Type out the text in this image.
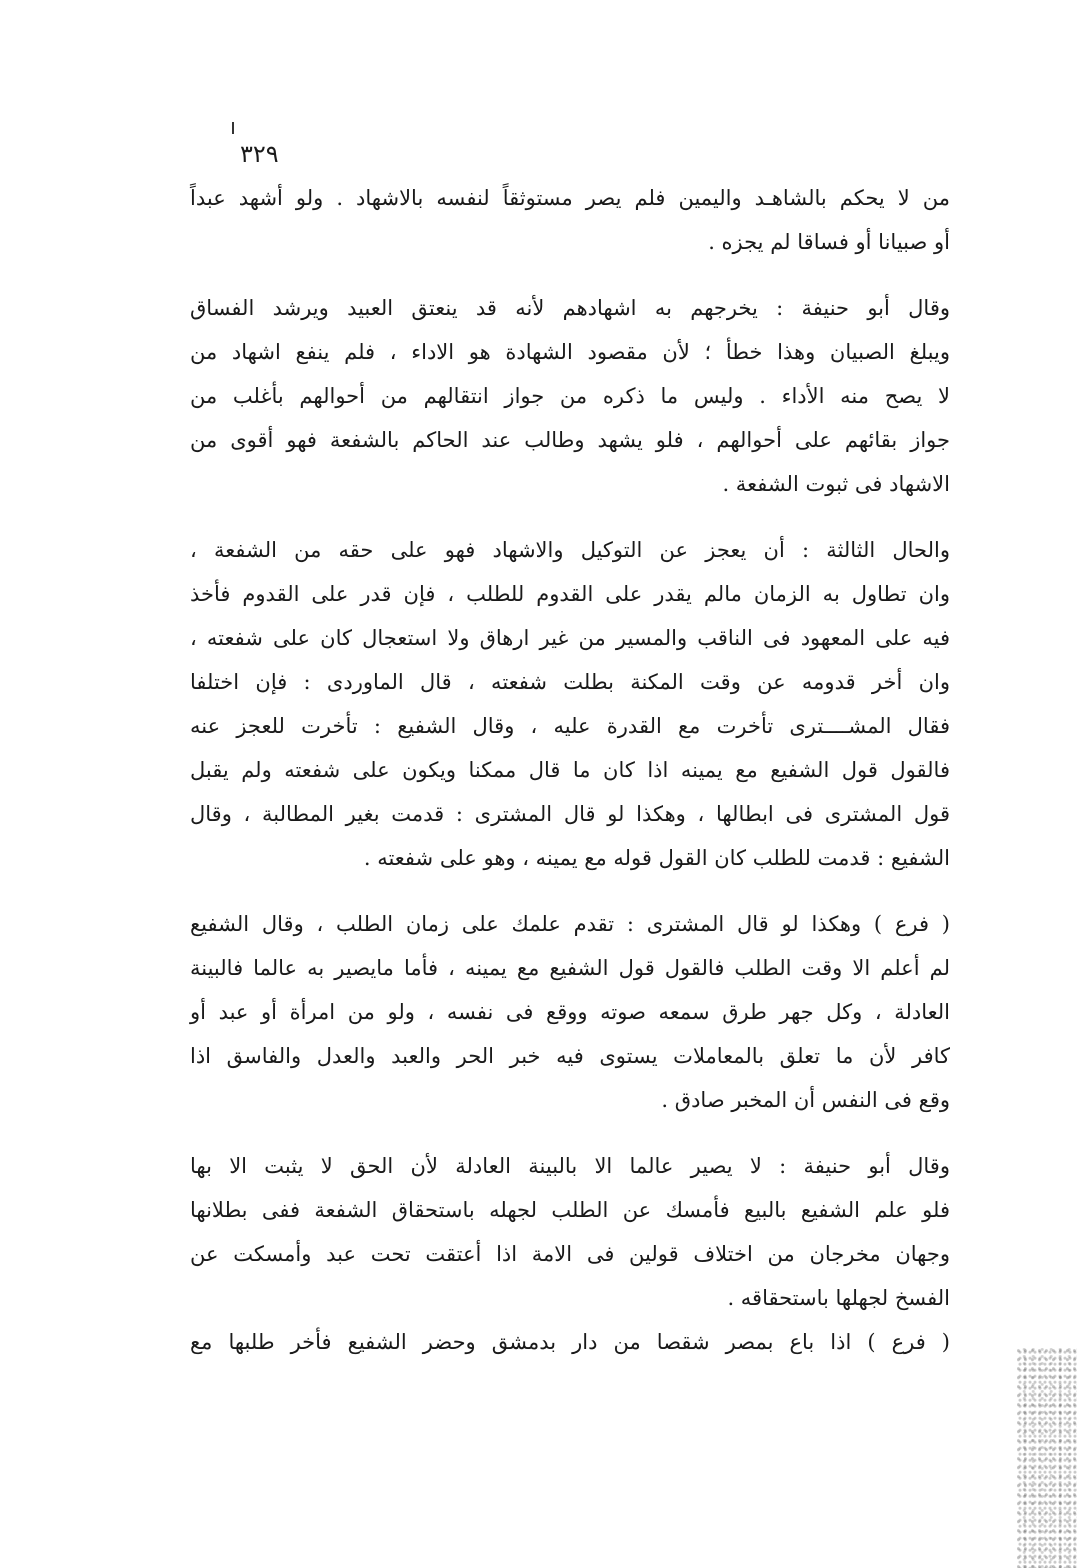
٣٢٩
من لا يحكم بالشاهـد واليمين فلم يصر مستوثقاً لنفسه بالاشهاد . ولو أشهد عبداً
أو صبيانا أو فساقا لم يجزه .
وقال أبو حنيفة : يخرجهم به اشهادهم لأنه قد ينعتق العبيد ويرشد الفساق
ويبلغ الصبيان وهذا خطأ ؛ لأن مقصود الشهادة هو الاداء ، فلم ينفع اشهاد من
لا يصح منه الأداء . وليس ما ذكره من جواز انتقالهم من أحوالهم بأغلب من
جواز بقائهم على أحوالهم ، فلو يشهد وطالب عند الحاكم بالشفعة فهو أقوى من
الاشهاد فى ثبوت الشفعة .
والحال الثالثة : أن يعجز عن التوكيل والاشهاد فهو على حقه من الشفعة ،
وان تطاول به الزمان مالم يقدر على القدوم للطلب ، فإن قدر على القدوم فأخذ
فيه على المعهود فى الناقب والمسير من غير ارهاق ولا استعجال كان على شفعته ،
وان أخر قدومه عن وقت المكنة بطلت شفعته ، قال الماوردى : فإن اختلفا
فقال المشــــترى تأخرت مع القدرة عليه ، وقال الشفيع : تأخرت للعجز عنه
فالقول قول الشفيع مع يمينه اذا كان ما قال ممكنا ويكون على شفعته ولم يقبل
قول المشترى فى ابطالها ، وهكذا لو قال المشترى : قدمت بغير المطالبة ، وقال
الشفيع : قدمت للطلب كان القول قوله مع يمينه ، وهو على شفعته .
( فرع ) وهكذا لو قال المشترى : تقدم علمك على زمان الطلب ، وقال الشفيع
لم أعلم الا وقت الطلب فالقول قول الشفيع مع يمينه ، فأما مايصير به عالما فالبينة
العادلة ، وكل جهر طرق سمعه صوته ووقع فى نفسه ، ولو من امرأة أو عبد أو
كافر لأن ما تعلق بالمعاملات يستوى فيه خبر الحر والعبد والعدل والفاسق اذا
وقع فى النفس أن المخبر صادق .
وقال أبو حنيفة : لا يصير عالما الا بالبينة العادلة لأن الحق لا يثبت الا بها
فلو علم الشفيع بالبيع فأمسك عن الطلب لجهله باستحقاق الشفعة ففى بطلانها
وجهان مخرجان من اختلاف قولين فى الامة اذا أعتقت تحت عبد وأمسكت عن
الفسخ لجهلها باستحقاقه .
( فرع ) اذا باع بمصر شقصا من دار بدمشق وحضر الشفيع فأخر طلبها مع
